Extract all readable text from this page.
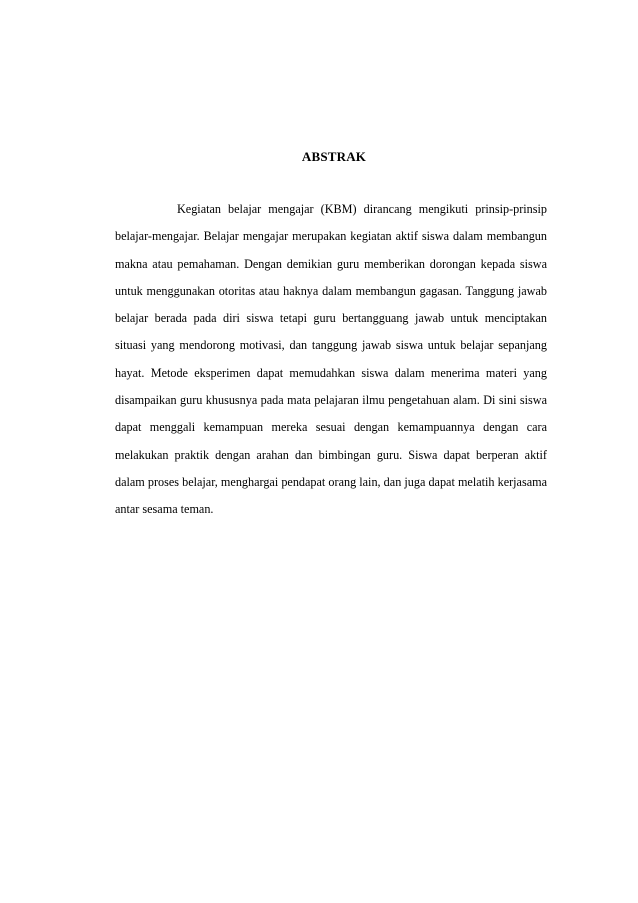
ABSTRAK

Kegiatan belajar mengajar (KBM) dirancang mengikuti prinsip-prinsip belajar-mengajar. Belajar mengajar merupakan kegiatan aktif siswa dalam membangun makna atau pemahaman. Dengan demikian guru memberikan dorongan kepada siswa untuk menggunakan otoritas atau haknya dalam membangun gagasan. Tanggung jawab belajar berada pada diri siswa tetapi guru bertangguang jawab untuk menciptakan situasi yang mendorong motivasi, dan tanggung jawab siswa untuk belajar sepanjang hayat. Metode eksperimen dapat memudahkan siswa dalam menerima materi yang disampaikan guru khususnya pada mata pelajaran ilmu pengetahuan alam. Di sini siswa dapat menggali kemampuan mereka sesuai dengan kemampuannya dengan cara melakukan praktik dengan arahan dan bimbingan guru. Siswa dapat berperan aktif dalam proses belajar, menghargai pendapat orang lain, dan juga dapat melatih kerjasama antar sesama teman.
